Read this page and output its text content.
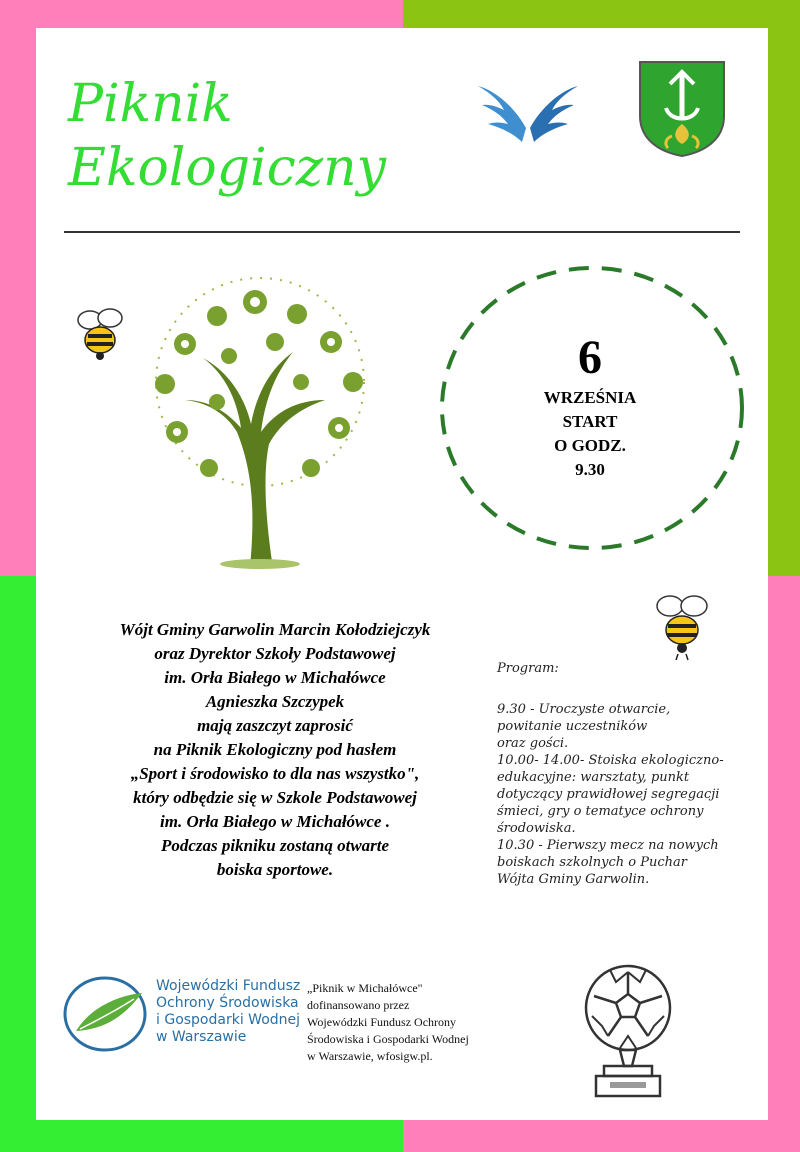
Piknik
Ekologiczny
6
WRZEŚNIA
START
O GODZ.
9.30
Wójt Gminy Garwolin Marcin Kołodziejczyk
oraz Dyrektor Szkoły Podstawowej
im. Orła Białego w Michałówce
Agnieszka Szczypek
mają zaszczyt zaprosić
na Piknik Ekologiczny pod hasłem
„Sport i środowisko to dla nas wszystko",
który odbędzie się w Szkole Podstawowej
im. Orła Białego w Michałówce .
Podczas pikniku zostaną otwarte
boiska sportowe.
Program:
9.30 - Uroczyste otwarcie,
powitanie uczestników
oraz gości.
10.00- 14.00- Stoiska ekologiczno-
edukacyjne: warsztaty, punkt
dotyczący prawidłowej segregacji
śmieci, gry o tematyce ochrony
środowiska.
10.30 - Pierwszy mecz na nowych
boiskach szkolnych o Puchar
Wójta Gminy Garwolin.
Wojewódzki Fundusz
Ochrony Środowiska
i Gospodarki Wodnej
w Warszawie
„Piknik w Michałówce"
dofinansowano przez
Wojewódzki Fundusz Ochrony
Środowiska i Gospodarki Wodnej
w Warszawie, wfosigw.pl.
